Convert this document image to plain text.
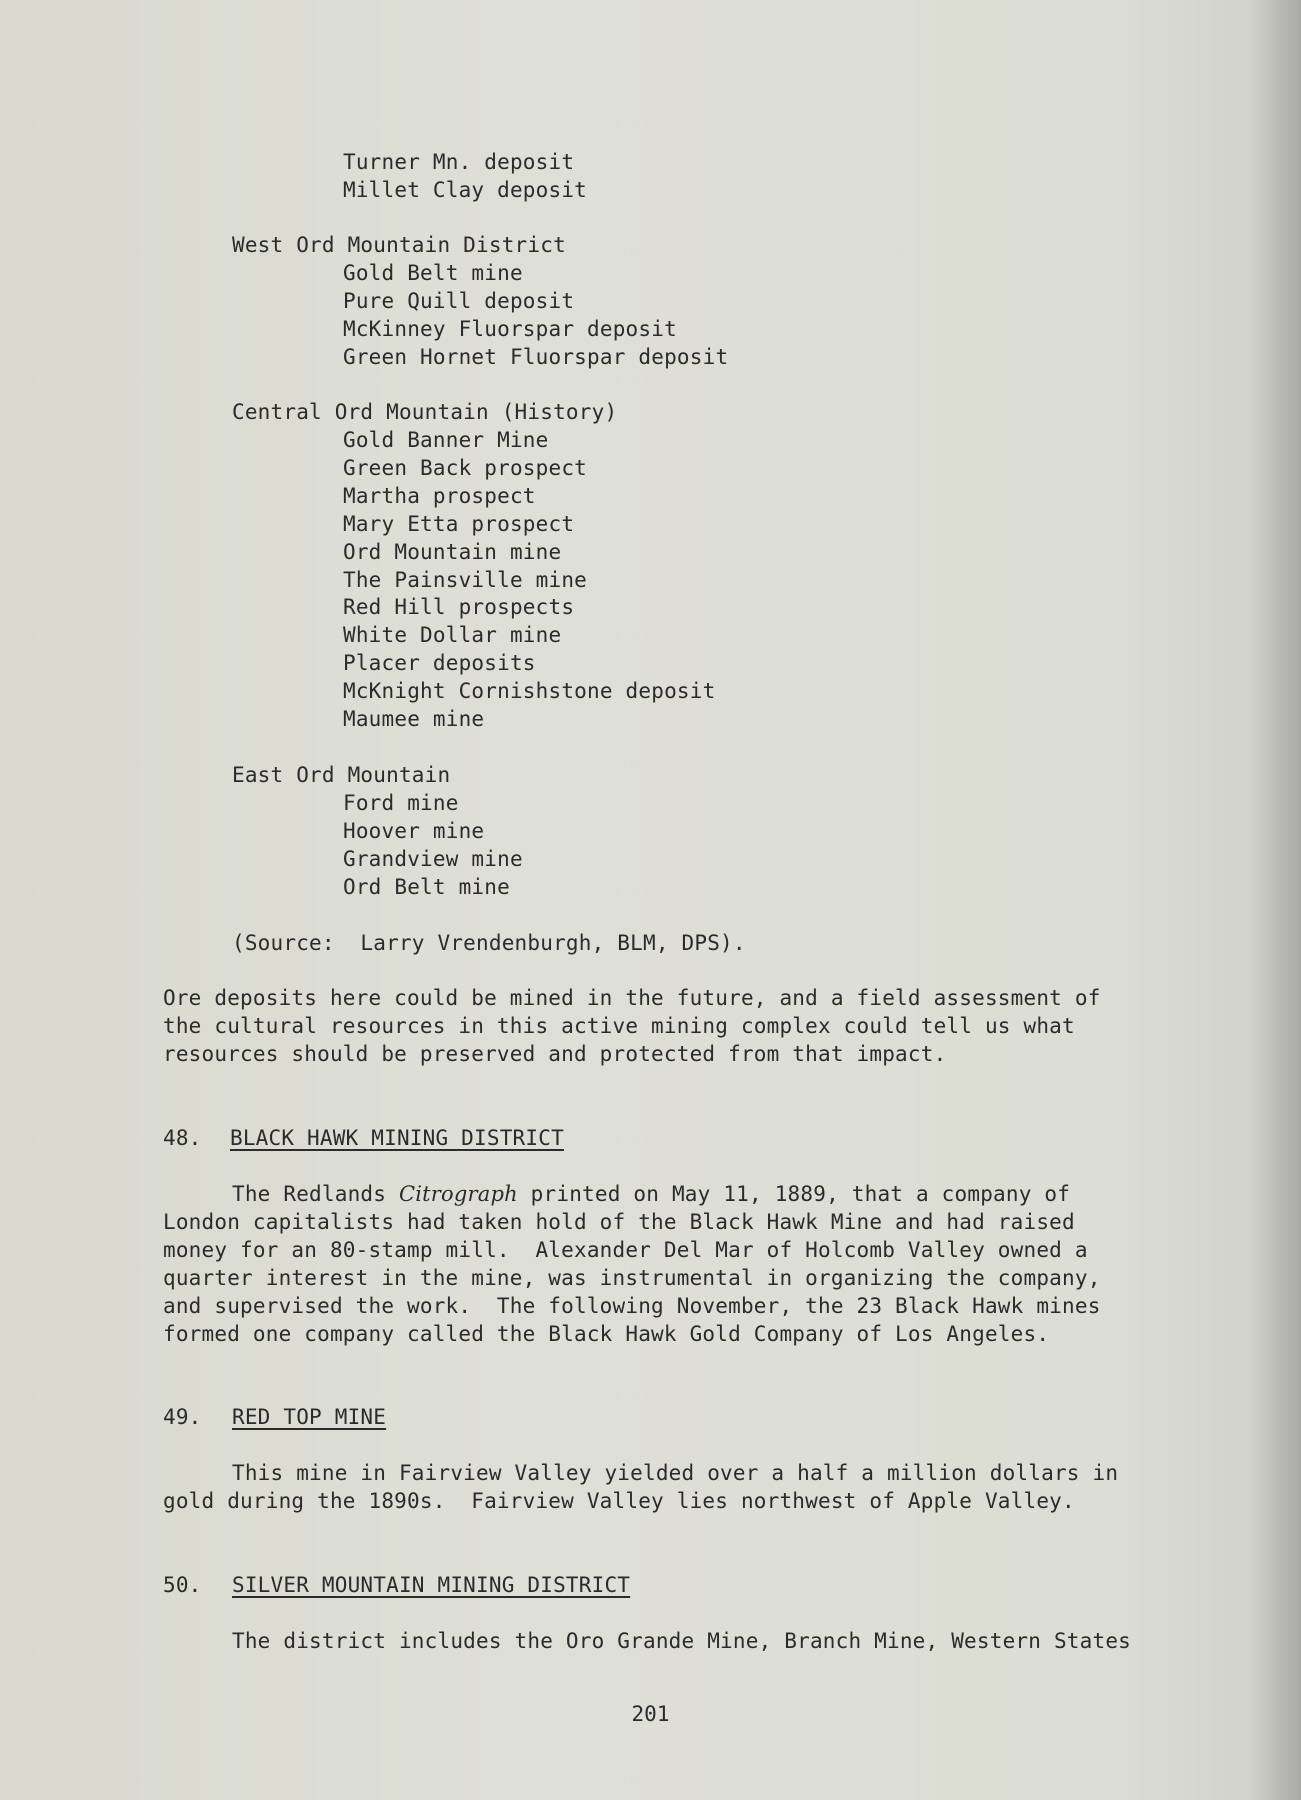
Turner Mn. deposit
Millet Clay deposit
West Ord Mountain District
Gold Belt mine
Pure Quill deposit
McKinney Fluorspar deposit
Green Hornet Fluorspar deposit
Central Ord Mountain (History)
Gold Banner Mine
Green Back prospect
Martha prospect
Mary Etta prospect
Ord Mountain mine
The Painsville mine
Red Hill prospects
White Dollar mine
Placer deposits
McKnight Cornishstone deposit
Maumee mine
East Ord Mountain
Ford mine
Hoover mine
Grandview mine
Ord Belt mine
(Source:  Larry Vrendenburgh, BLM, DPS).
Ore deposits here could be mined in the future, and a field assessment of
the cultural resources in this active mining complex could tell us what
resources should be preserved and protected from that impact.
48. BLACK HAWK MINING DISTRICT
The Redlands Citrograph printed on May 11, 1889, that a company of
London capitalists had taken hold of the Black Hawk Mine and had raised
money for an 80-stamp mill.  Alexander Del Mar of Holcomb Valley owned a
quarter interest in the mine, was instrumental in organizing the company,
and supervised the work.  The following November, the 23 Black Hawk mines
formed one company called the Black Hawk Gold Company of Los Angeles.
49. RED TOP MINE
This mine in Fairview Valley yielded over a half a million dollars in
gold during the 1890s.  Fairview Valley lies northwest of Apple Valley.
50. SILVER MOUNTAIN MINING DISTRICT
The district includes the Oro Grande Mine, Branch Mine, Western States
201
